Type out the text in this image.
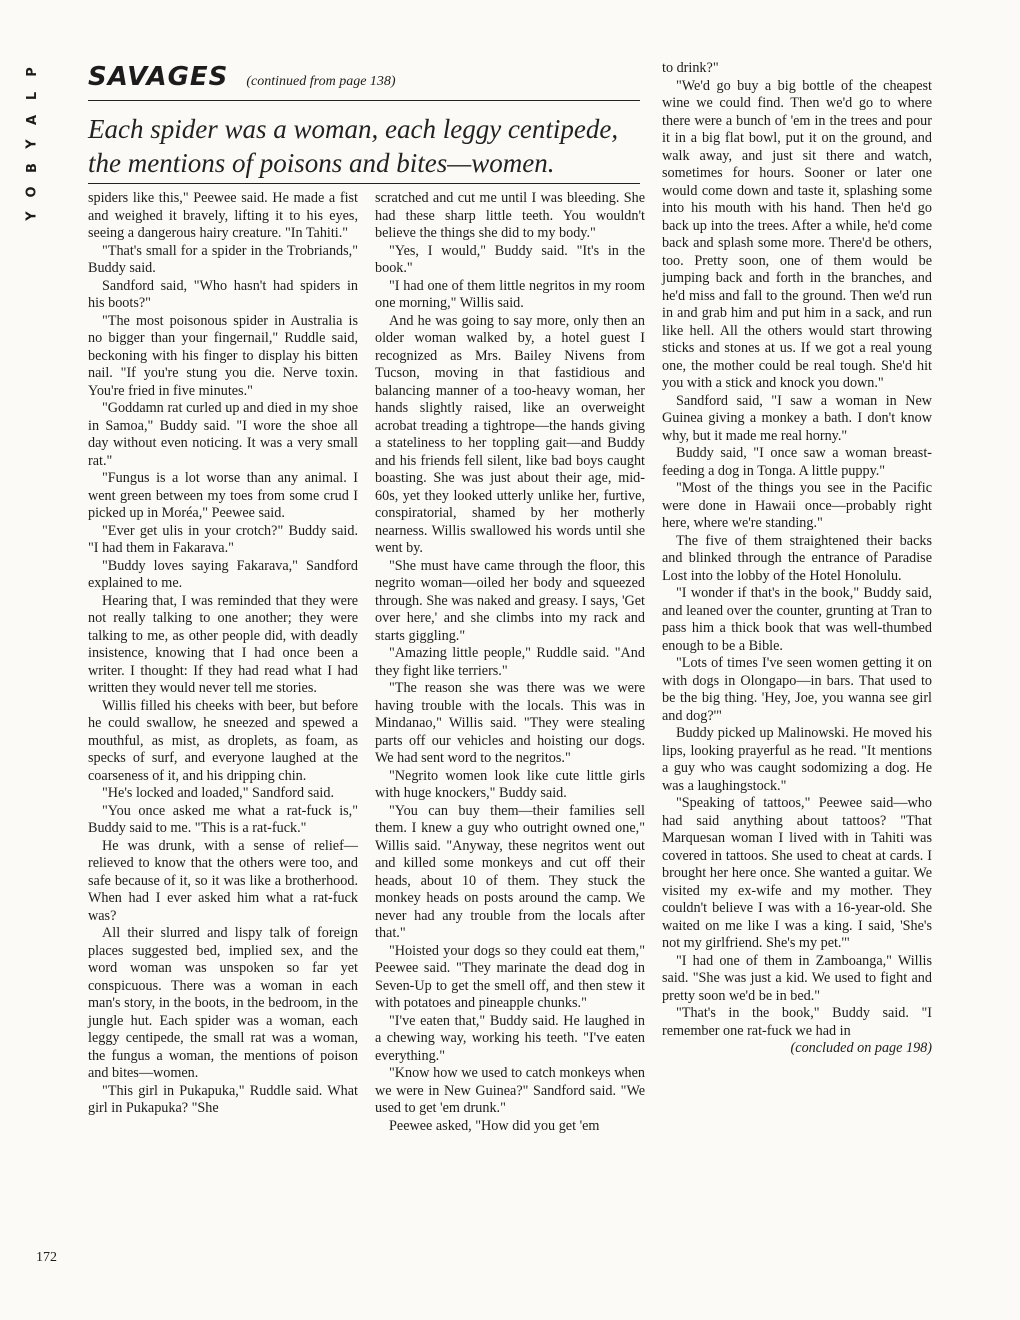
P
L
A
Y
B
O
Y
SAVAGES (continued from page 138)
Each spider was a woman, each leggy centipede, the mentions of poisons and bites—women.

spiders like this," Peewee said. He made a fist and weighed it bravely, lifting it to his eyes, seeing a dangerous hairy creature. "In Tahiti."

"That's small for a spider in the Trobriands," Buddy said.

Sandford said, "Who hasn't had spiders in his boots?"

"The most poisonous spider in Australia is no bigger than your fingernail," Ruddle said, beckoning with his finger to display his bitten nail. "If you're stung you die. Nerve toxin. You're fried in five minutes."

"Goddamn rat curled up and died in my shoe in Samoa," Buddy said. "I wore the shoe all day without even noticing. It was a very small rat."

"Fungus is a lot worse than any animal. I went green between my toes from some crud I picked up in Moréa," Peewee said.

"Ever get ulis in your crotch?" Buddy said. "I had them in Fakarava."

"Buddy loves saying Fakarava," Sandford explained to me.

Hearing that, I was reminded that they were not really talking to one another; they were talking to me, as other people did, with deadly insistence, knowing that I had once been a writer. I thought: If they had read what I had written they would never tell me stories.

Willis filled his cheeks with beer, but before he could swallow, he sneezed and spewed a mouthful, as mist, as droplets, as foam, as specks of surf, and everyone laughed at the coarseness of it, and his dripping chin.

"He's locked and loaded," Sandford said.

"You once asked me what a rat-fuck is," Buddy said to me. "This is a rat-fuck."

He was drunk, with a sense of relief—relieved to know that the others were too, and safe because of it, so it was like a brotherhood. When had I ever asked him what a rat-fuck was?

All their slurred and lispy talk of foreign places suggested bed, implied sex, and the word woman was unspoken so far yet conspicuous. There was a woman in each man's story, in the boots, in the bedroom, in the jungle hut. Each spider was a woman, each leggy centipede, the small rat was a woman, the fungus a woman, the mentions of poison and bites—women.

"This girl in Pukapuka," Ruddle said. What girl in Pukapuka? "She

scratched and cut me until I was bleeding. She had these sharp little teeth. You wouldn't believe the things she did to my body."

"Yes, I would," Buddy said. "It's in the book."

"I had one of them little negritos in my room one morning," Willis said.

And he was going to say more, only then an older woman walked by, a hotel guest I recognized as Mrs. Bailey Nivens from Tucson, moving in that fastidious and balancing manner of a too-heavy woman, her hands slightly raised, like an overweight acrobat treading a tightrope—the hands giving a stateliness to her toppling gait—and Buddy and his friends fell silent, like bad boys caught boasting. She was just about their age, mid-60s, yet they looked utterly unlike her, furtive, conspiratorial, shamed by her motherly nearness. Willis swallowed his words until she went by.

"She must have came through the floor, this negrito woman—oiled her body and squeezed through. She was naked and greasy. I says, 'Get over here,' and she climbs into my rack and starts giggling."

"Amazing little people," Ruddle said. "And they fight like terriers."

"The reason she was there was we were having trouble with the locals. This was in Mindanao," Willis said. "They were stealing parts off our vehicles and hoisting our dogs. We had sent word to the negritos."

"Negrito women look like cute little girls with huge knockers," Buddy said.

"You can buy them—their families sell them. I knew a guy who outright owned one," Willis said. "Anyway, these negritos went out and killed some monkeys and cut off their heads, about 10 of them. They stuck the monkey heads on posts around the camp. We never had any trouble from the locals after that."

"Hoisted your dogs so they could eat them," Peewee said. "They marinate the dead dog in Seven-Up to get the smell off, and then stew it with potatoes and pineapple chunks."

"I've eaten that," Buddy said. He laughed in a chewing way, working his teeth. "I've eaten everything."

"Know how we used to catch monkeys when we were in New Guinea?" Sandford said. "We used to get 'em drunk."

Peewee asked, "How did you get 'em

to drink?"

"We'd go buy a big bottle of the cheapest wine we could find. Then we'd go to where there were a bunch of 'em in the trees and pour it in a big flat bowl, put it on the ground, and walk away, and just sit there and watch, sometimes for hours. Sooner or later one would come down and taste it, splashing some into his mouth with his hand. Then he'd go back up into the trees. After a while, he'd come back and splash some more. There'd be others, too. Pretty soon, one of them would be jumping back and forth in the branches, and he'd miss and fall to the ground. Then we'd run in and grab him and put him in a sack, and run like hell. All the others would start throwing sticks and stones at us. If we got a real young one, the mother could be real tough. She'd hit you with a stick and knock you down."

Sandford said, "I saw a woman in New Guinea giving a monkey a bath. I don't know why, but it made me real horny."

Buddy said, "I once saw a woman breast-feeding a dog in Tonga. A little puppy."

"Most of the things you see in the Pacific were done in Hawaii once—probably right here, where we're standing."

The five of them straightened their backs and blinked through the entrance of Paradise Lost into the lobby of the Hotel Honolulu.

"I wonder if that's in the book," Buddy said, and leaned over the counter, grunting at Tran to pass him a thick book that was well-thumbed enough to be a Bible.

"Lots of times I've seen women getting it on with dogs in Olongapo—in bars. That used to be the big thing. 'Hey, Joe, you wanna see girl and dog?'"

Buddy picked up Malinowski. He moved his lips, looking prayerful as he read. "It mentions a guy who was caught sodomizing a dog. He was a laughingstock."

"Speaking of tattoos," Peewee said—who had said anything about tattoos? "That Marquesan woman I lived with in Tahiti was covered in tattoos. She used to cheat at cards. I brought her here once. She wanted a guitar. We visited my ex-wife and my mother. They couldn't believe I was with a 16-year-old. She waited on me like I was a king. I said, 'She's not my girlfriend. She's my pet.'"

"I had one of them in Zamboanga," Willis said. "She was just a kid. We used to fight and pretty soon we'd be in bed."

"That's in the book," Buddy said. "I remember one rat-fuck we had in

(concluded on page 198)

172
